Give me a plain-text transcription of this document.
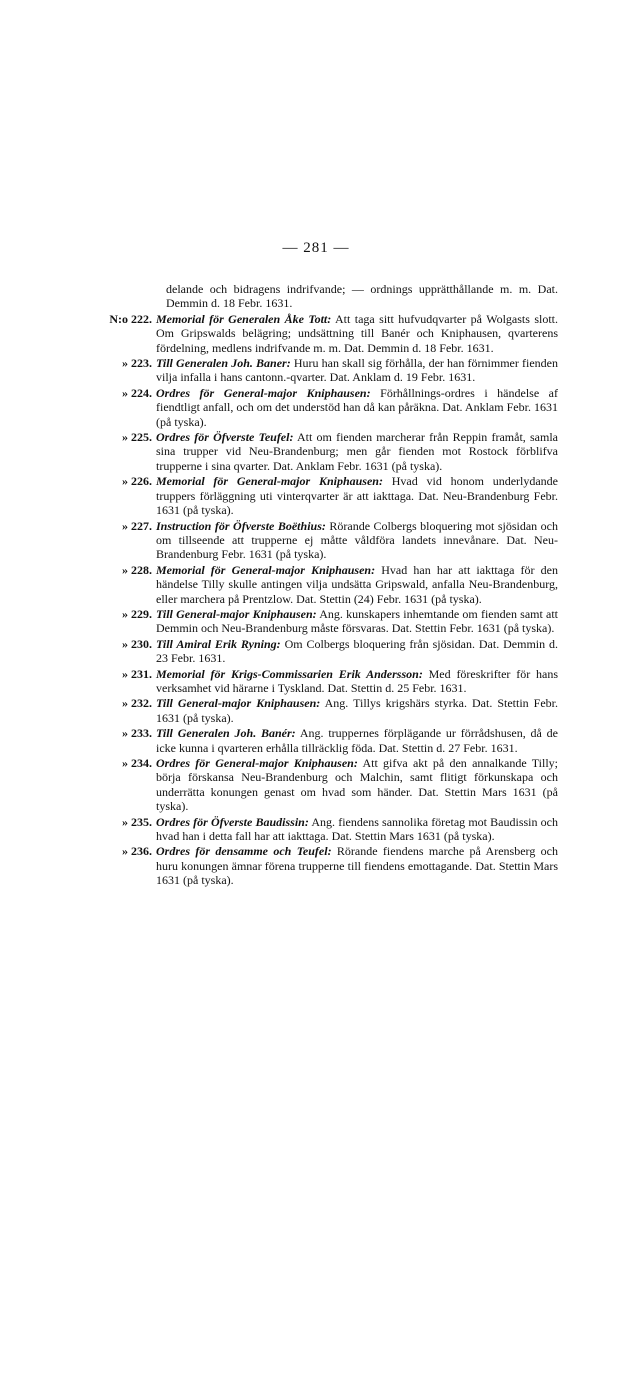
— 281 —
delande och bidragens indrifvande; — ordnings upprätthållande m. m. Dat. Demmin d. 18 Febr. 1631.
N:o 222. Memorial för Generalen Åke Tott: Att taga sitt hufvudqvarter på Wolgasts slott. Om Gripswalds belägring; undsättning till Banér och Kniphausen, qvarterens fördelning, medlens indrifvande m. m. Dat. Demmin d. 18 Febr. 1631.
» 223. Till Generalen Joh. Baner: Huru han skall sig förhålla, der han förnimmer fienden vilja infalla i hans cantonn.-qvarter. Dat. Anklam d. 19 Febr. 1631.
» 224. Ordres för General-major Kniphausen: Förhållnings-ordres i händelse af fiendtligt anfall, och om det understöd han då kan påräkna. Dat. Anklam Febr. 1631 (på tyska).
» 225. Ordres för Öfverste Teufel: Att om fienden marcherar från Reppin framåt, samla sina trupper vid Neu-Brandenburg; men går fienden mot Rostock förblifva trupperne i sina qvarter. Dat. Anklam Febr. 1631 (på tyska).
» 226. Memorial för General-major Kniphausen: Hvad vid honom underlydande truppers förläggning uti vinterqvarter är att iakttaga. Dat. Neu-Brandenburg Febr. 1631 (på tyska).
» 227. Instruction för Öfverste Boëthius: Rörande Colbergs bloquering mot sjösidan och om tillseende att trupperne ej måtte våldföra landets innevånare. Dat. Neu-Brandenburg Febr. 1631 (på tyska).
» 228. Memorial för General-major Kniphausen: Hvad han har att iakttaga för den händelse Tilly skulle antingen vilja undsätta Gripswald, anfalla Neu-Brandenburg, eller marchera på Prentzlow. Dat. Stettin (24) Febr. 1631 (på tyska).
» 229. Till General-major Kniphausen: Ang. kunskapers inhemtande om fienden samt att Demmin och Neu-Brandenburg måste försvaras. Dat. Stettin Febr. 1631 (på tyska).
» 230. Till Amiral Erik Ryning: Om Colbergs bloquering från sjösidan. Dat. Demmin d. 23 Febr. 1631.
» 231. Memorial för Krigs-Commissarien Erik Andersson: Med föreskrifter för hans verksamhet vid härarne i Tyskland. Dat. Stettin d. 25 Febr. 1631.
» 232. Till General-major Kniphausen: Ang. Tillys krigshärs styrka. Dat. Stettin Febr. 1631 (på tyska).
» 233. Till Generalen Joh. Banér: Ang. truppernes förplägande ur förrådshusen, då de icke kunna i qvarteren erhålla tillräcklig föda. Dat. Stettin d. 27 Febr. 1631.
» 234. Ordres för General-major Kniphausen: Att gifva akt på den annalkande Tilly; börja förskansa Neu-Brandenburg och Malchin, samt flitigt förkunskapa och underrätta konungen genast om hvad som händer. Dat. Stettin Mars 1631 (på tyska).
» 235. Ordres för Öfverste Baudissin: Ang. fiendens sannolika företag mot Baudissin och hvad han i detta fall har att iakttaga. Dat. Stettin Mars 1631 (på tyska).
» 236. Ordres för densamme och Teufel: Rörande fiendens marche på Arensberg och huru konungen ämnar förena trupperne till fiendens emottagande. Dat. Stettin Mars 1631 (på tyska).
